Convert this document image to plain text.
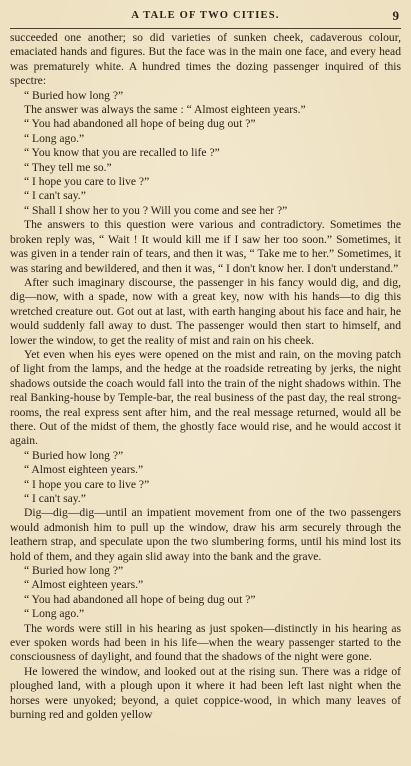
A TALE OF TWO CITIES.	9

succeeded one another; so did varieties of sunken cheek, cadaverous colour, emaciated hands and figures. But the face was in the main one face, and every head was prematurely white. A hundred times the dozing passenger inquired of this spectre:

“ Buried how long ?”

The answer was always the same : “ Almost eighteen years.”

“ You had abandoned all hope of being dug out ?”

“ Long ago.”

“ You know that you are recalled to life ?”

“ They tell me so.”

“ I hope you care to live ?”

“ I can't say.”

“ Shall I show her to you ? Will you come and see her ?”

The answers to this question were various and contradictory. Sometimes the broken reply was, “ Wait ! It would kill me if I saw her too soon.” Sometimes, it was given in a tender rain of tears, and then it was, “ Take me to her.” Sometimes, it was staring and bewildered, and then it was, “ I don't know her. I don't understand.”

After such imaginary discourse, the passenger in his fancy would dig, and dig, dig—now, with a spade, now with a great key, now with his hands—to dig this wretched creature out. Got out at last, with earth hanging about his face and hair, he would suddenly fall away to dust. The passenger would then start to himself, and lower the window, to get the reality of mist and rain on his cheek.

Yet even when his eyes were opened on the mist and rain, on the moving patch of light from the lamps, and the hedge at the roadside retreating by jerks, the night shadows outside the coach would fall into the train of the night shadows within. The real Banking-house by Temple-bar, the real business of the past day, the real strong-rooms, the real express sent after him, and the real message returned, would all be there. Out of the midst of them, the ghostly face would rise, and he would accost it again.

“ Buried how long ?”

“ Almost eighteen years.”

“ I hope you care to live ?”

“ I can't say.”

Dig—dig—dig—until an impatient movement from one of the two passengers would admonish him to pull up the window, draw his arm securely through the leathern strap, and speculate upon the two slumbering forms, until his mind lost its hold of them, and they again slid away into the bank and the grave.

“ Buried how long ?”

“ Almost eighteen years.”

“ You had abandoned all hope of being dug out ?”

“ Long ago.”

The words were still in his hearing as just spoken—distinctly in his hearing as ever spoken words had been in his life—when the weary passenger started to the consciousness of daylight, and found that the shadows of the night were gone.

He lowered the window, and looked out at the rising sun. There was a ridge of ploughed land, with a plough upon it where it had been left last night when the horses were unyoked; beyond, a quiet coppice-wood, in which many leaves of burning red and golden yellow
